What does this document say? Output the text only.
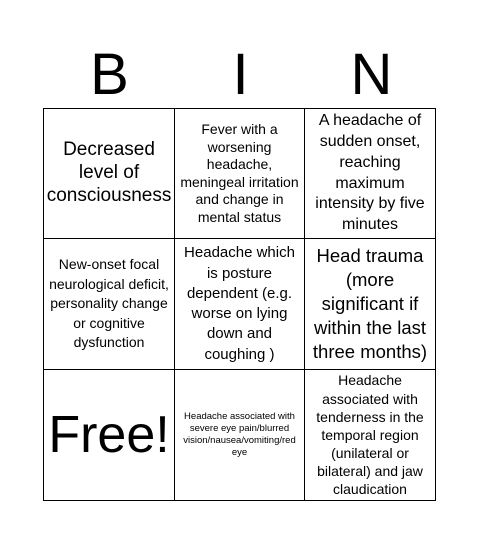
B	I	N
Decreased level of consciousness
Fever with a worsening headache, meningeal irritation and change in mental status
A headache of sudden onset, reaching maximum intensity by five minutes
New-onset focal neurological deficit, personality change or cognitive dysfunction
Headache which is posture dependent (e.g. worse on lying down and coughing )
Head trauma (more significant if within the last three months)
Free!	Headache associated with severe eye pain/blurred vision/nausea/vomiting/red eye
Headache associated with tenderness in the temporal region (unilateral or bilateral) and jaw claudication
